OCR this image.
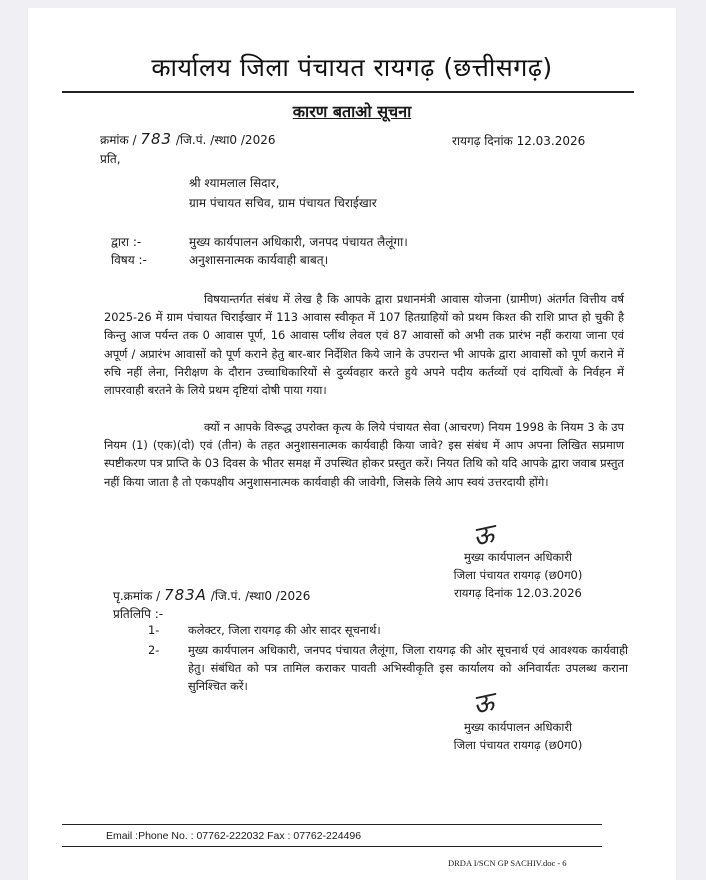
कार्यालय जिला पंचायत रायगढ़ (छत्तीसगढ़)
कारण बताओ सूचना
क्रमांक / 783 /जि.पं. /स्था0 /2026	रायगढ़ दिनांक 12.03.2026
प्रति,
श्री श्यामलाल सिदार,
ग्राम पंचायत सचिव, ग्राम पंचायत चिराईखार
द्वारा :-	मुख्य कार्यपालन अधिकारी, जनपद पंचायत लैलूंगा।
विषय :-	अनुशासनात्मक कार्यवाही बाबत्।
विषयान्तर्गत संबंध में लेख है कि आपके द्वारा प्रधानमंत्री आवास योजना (ग्रामीण) अंतर्गत वित्तीय वर्ष 2025-26 में ग्राम पंचायत चिराईखार में 113 आवास स्वीकृत में 107 हितग्राहियों को प्रथम किश्त की राशि प्राप्त हो चुकी है किन्तु आज पर्यन्त तक 0 आवास पूर्ण, 16 आवास प्लींथ लेवल एवं 87 आवासों को अभी तक प्रारंभ नहीं कराया जाना एवं अपूर्ण / अप्रारंभ आवासों को पूर्ण कराने हेतु बार-बार निर्देशित किये जाने के उपरान्त भी आपके द्वारा आवासों को पूर्ण कराने में रुचि नहीं लेना, निरीक्षण के दौरान उच्चाधिकारियों से दुर्व्यवहार करते हुये अपने पदीय कर्तव्यों एवं दायित्वों के निर्वहन में लापरवाही बरतने के लिये प्रथम दृष्टियां दोषी पाया गया।
क्यों न आपके विरूद्ध उपरोक्त कृत्य के लिये पंचायत सेवा (आचरण) नियम 1998 के नियम 3 के उप नियम (1) (एक)(दो) एवं (तीन) के तहत अनुशासनात्मक कार्यवाही किया जावे? इस संबंध में आप अपना लिखित सप्रमाण स्पष्टीकरण पत्र प्राप्ति के 03 दिवस के भीतर समक्ष में उपस्थित होकर प्रस्तुत करें। नियत तिथि को यदि आपके द्वारा जवाब प्रस्तुत नहीं किया जाता है तो एकपक्षीय अनुशासनात्मक कार्यवाही की जावेगी, जिसके लिये आप स्वयं उत्तरदायी होंगे।
ऊ
मुख्य कार्यपालन अधिकारी
जिला पंचायत रायगढ़ (छ0ग0)
रायगढ़ दिनांक 12.03.2026
पृ.क्रमांक / 783A /जि.पं. /स्था0 /2026
प्रतिलिपि :-
1-	कलेक्टर, जिला रायगढ़ की ओर सादर सूचनार्थ।
2-	मुख्य कार्यपालन अधिकारी, जनपद पंचायत लैलूंगा, जिला रायगढ़ की ओर सूचनार्थ एवं आवश्यक कार्यवाही हेतु। संबंधित को पत्र तामिल कराकर पावती अभिस्वीकृति इस कार्यालय को अनिवार्यतः उपलब्ध कराना सुनिश्चित करें।
ऊ
मुख्य कार्यपालन अधिकारी
जिला पंचायत रायगढ़ (छ0ग0)
Email :Phone No. : 07762-222032 Fax : 07762-224496
DRDA I/SCN GP SACHIV.doc - 6
